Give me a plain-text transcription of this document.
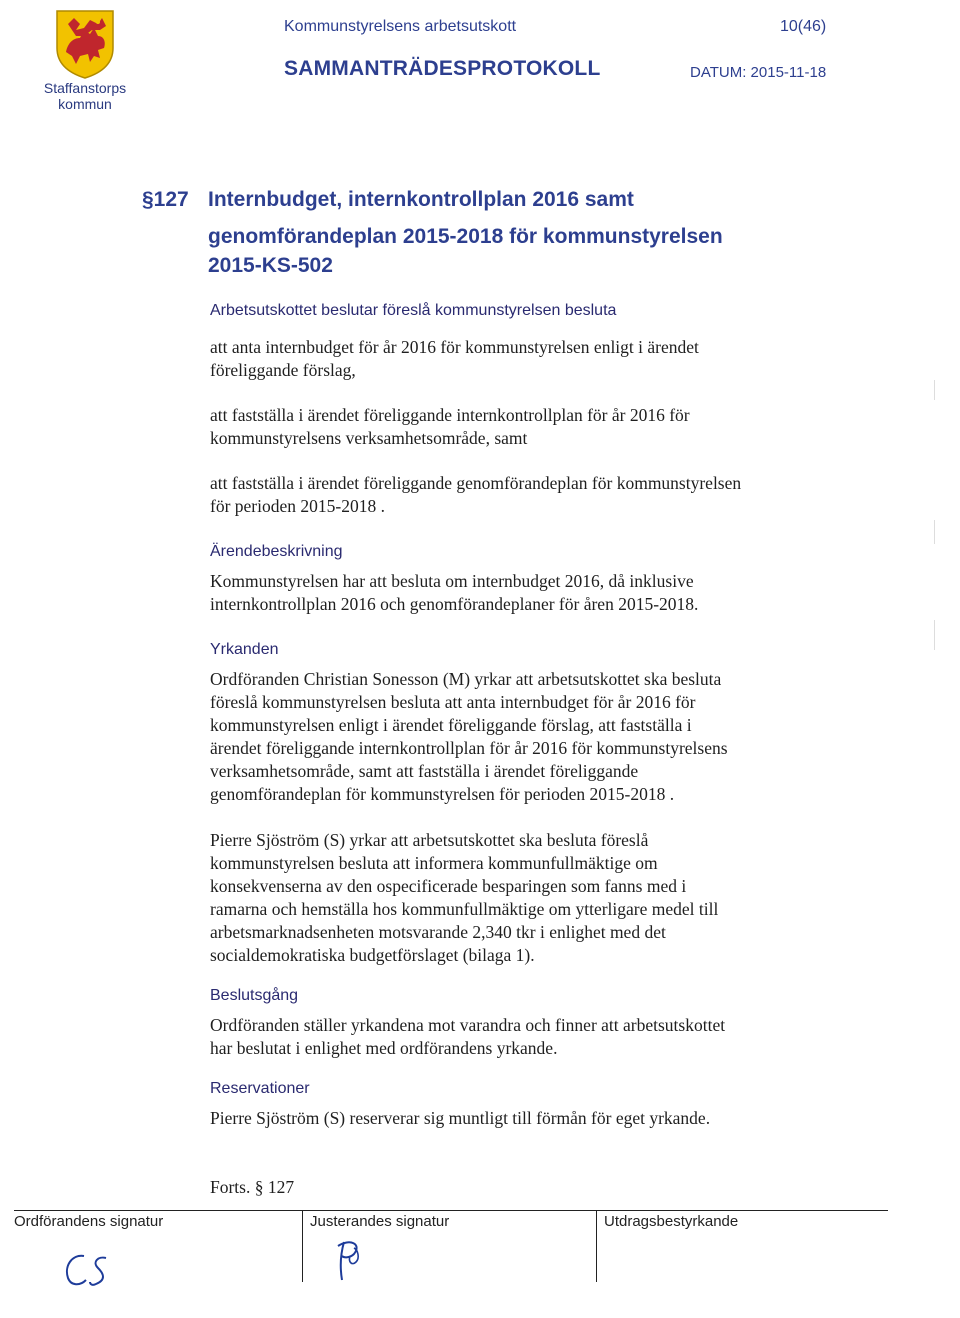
Staffanstorps
kommun
Kommunstyrelsens arbetsutskott	10(46)
SAMMANTRÄDESPROTOKOLL	DATUM: 2015-11-18
§127 Internbudget, internkontrollplan 2016 samt
genomförandeplan 2015-2018 för kommunstyrelsen
2015-KS-502
Arbetsutskottet beslutar föreslå kommunstyrelsen besluta
att anta internbudget för år 2016 för kommunstyrelsen enligt i ärendet
föreliggande förslag,
att fastställa i ärendet föreliggande internkontrollplan för år 2016 för
kommunstyrelsens verksamhetsområde, samt
att fastställa i ärendet föreliggande genomförandeplan för kommunstyrelsen
för perioden 2015-2018 .
Ärendebeskrivning
Kommunstyrelsen har att besluta om internbudget 2016, då inklusive
internkontrollplan 2016 och genomförandeplaner för åren 2015-2018.
Yrkanden
Ordföranden Christian Sonesson (M) yrkar att arbetsutskottet ska besluta
föreslå kommunstyrelsen besluta att anta internbudget för år 2016 för
kommunstyrelsen enligt i ärendet föreliggande förslag, att fastställa i
ärendet föreliggande internkontrollplan för år 2016 för kommunstyrelsens
verksamhetsområde, samt att fastställa i ärendet föreliggande
genomförandeplan för kommunstyrelsen för perioden 2015-2018 .
Pierre Sjöström (S) yrkar att arbetsutskottet ska besluta föreslå
kommunstyrelsen besluta att informera kommunfullmäktige om
konsekvenserna av den ospecificerade besparingen som fanns med i
ramarna och hemställa hos kommunfullmäktige om ytterligare medel till
arbetsmarknadsenheten motsvarande 2,340 tkr i enlighet med det
socialdemokratiska budgetförslaget (bilaga 1).
Beslutsgång
Ordföranden ställer yrkandena mot varandra och finner att arbetsutskottet
har beslutat i enlighet med ordförandens yrkande.
Reservationer
Pierre Sjöström (S) reserverar sig muntligt till förmån för eget yrkande.
Forts. § 127
Ordförandens signatur	Justerandes signatur	Utdragsbestyrkande
